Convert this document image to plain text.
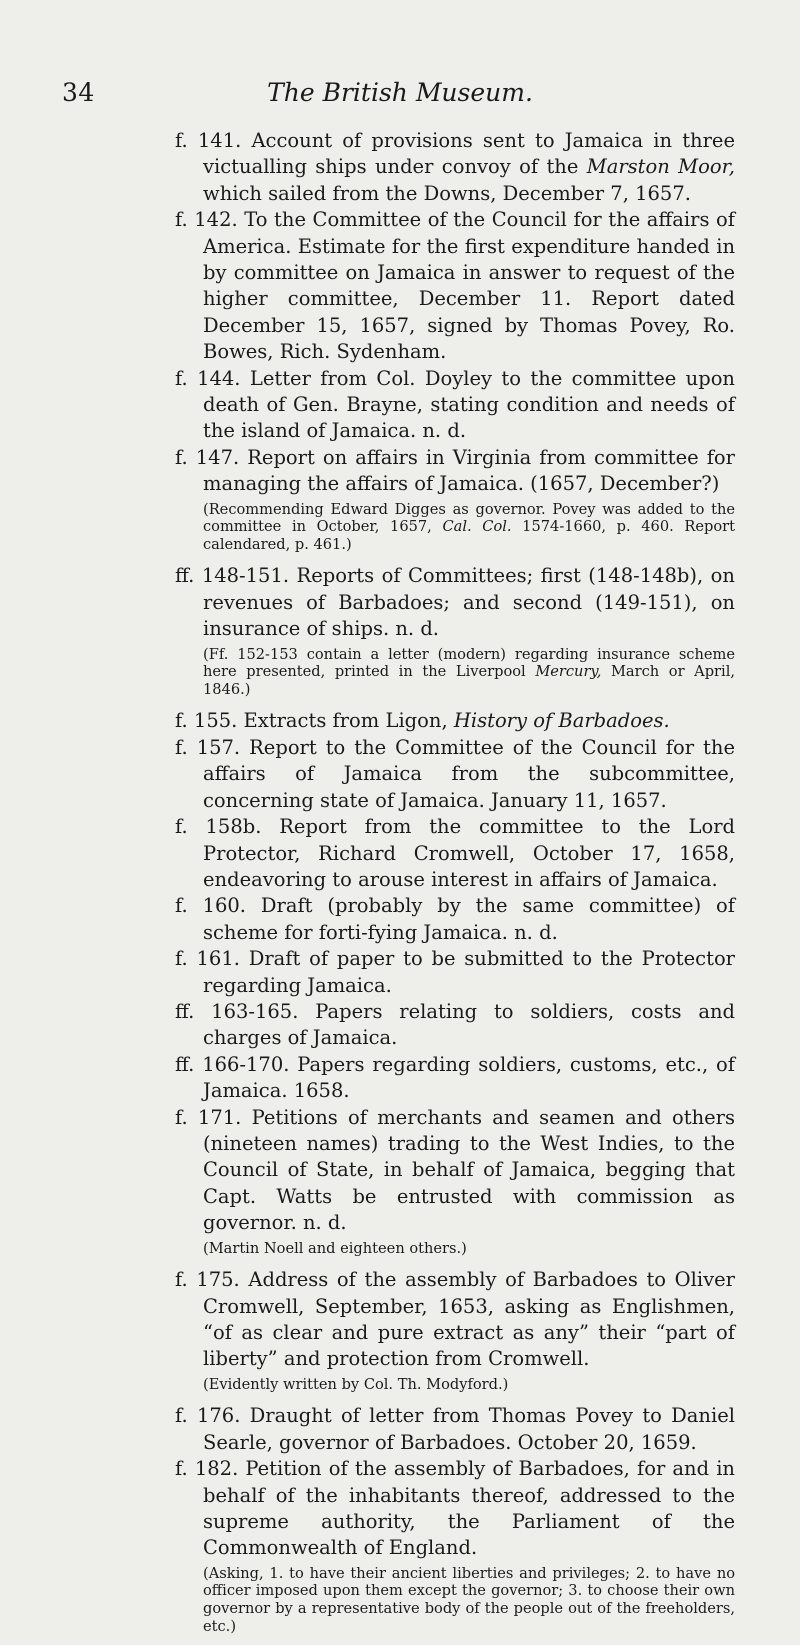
34	The British Museum.

f. 141. Account of provisions sent to Jamaica in three victualling ships under convoy of the Marston Moor, which sailed from the Downs, December 7, 1657.

f. 142. To the Committee of the Council for the affairs of America. Estimate for the first expenditure handed in by committee on Jamaica in answer to request of the higher committee, December 11. Report dated December 15, 1657, signed by Thomas Povey, Ro. Bowes, Rich. Sydenham.

f. 144. Letter from Col. Doyley to the committee upon death of Gen. Brayne, stating condition and needs of the island of Jamaica. n. d.

f. 147. Report on affairs in Virginia from committee for managing the affairs of Jamaica. (1657, December?)

(Recommending Edward Digges as governor. Povey was added to the committee in October, 1657, Cal. Col. 1574-1660, p. 460. Report calendared, p. 461.)

ff. 148-151. Reports of Committees; first (148-148b), on revenues of Barbadoes; and second (149-151), on insurance of ships. n. d.

(Ff. 152-153 contain a letter (modern) regarding insurance scheme here presented, printed in the Liverpool Mercury, March or April, 1846.)

f. 155. Extracts from Ligon, History of Barbadoes.

f. 157. Report to the Committee of the Council for the affairs of Jamaica from the subcommittee, concerning state of Jamaica. January 11, 1657.

f. 158b. Report from the committee to the Lord Protector, Richard Cromwell, October 17, 1658, endeavoring to arouse interest in affairs of Jamaica.

f. 160. Draft (probably by the same committee) of scheme for forti-fying Jamaica. n. d.

f. 161. Draft of paper to be submitted to the Protector regarding Jamaica.

ff. 163-165. Papers relating to soldiers, costs and charges of Jamaica.

ff. 166-170. Papers regarding soldiers, customs, etc., of Jamaica. 1658.

f. 171. Petitions of merchants and seamen and others (nineteen names) trading to the West Indies, to the Council of State, in behalf of Jamaica, begging that Capt. Watts be entrusted with commission as governor. n. d.

(Martin Noell and eighteen others.)

f. 175. Address of the assembly of Barbadoes to Oliver Cromwell, September, 1653, asking as Englishmen, “of as clear and pure extract as any” their “part of liberty” and protection from Cromwell.

(Evidently written by Col. Th. Modyford.)

f. 176. Draught of letter from Thomas Povey to Daniel Searle, governor of Barbadoes. October 20, 1659.

f. 182. Petition of the assembly of Barbadoes, for and in behalf of the inhabitants thereof, addressed to the supreme authority, the Parliament of the Commonwealth of England.

(Asking, 1. to have their ancient liberties and privileges; 2. to have no officer imposed upon them except the governor; 3. to choose their own governor by a representative body of the people out of the freeholders, etc.)
